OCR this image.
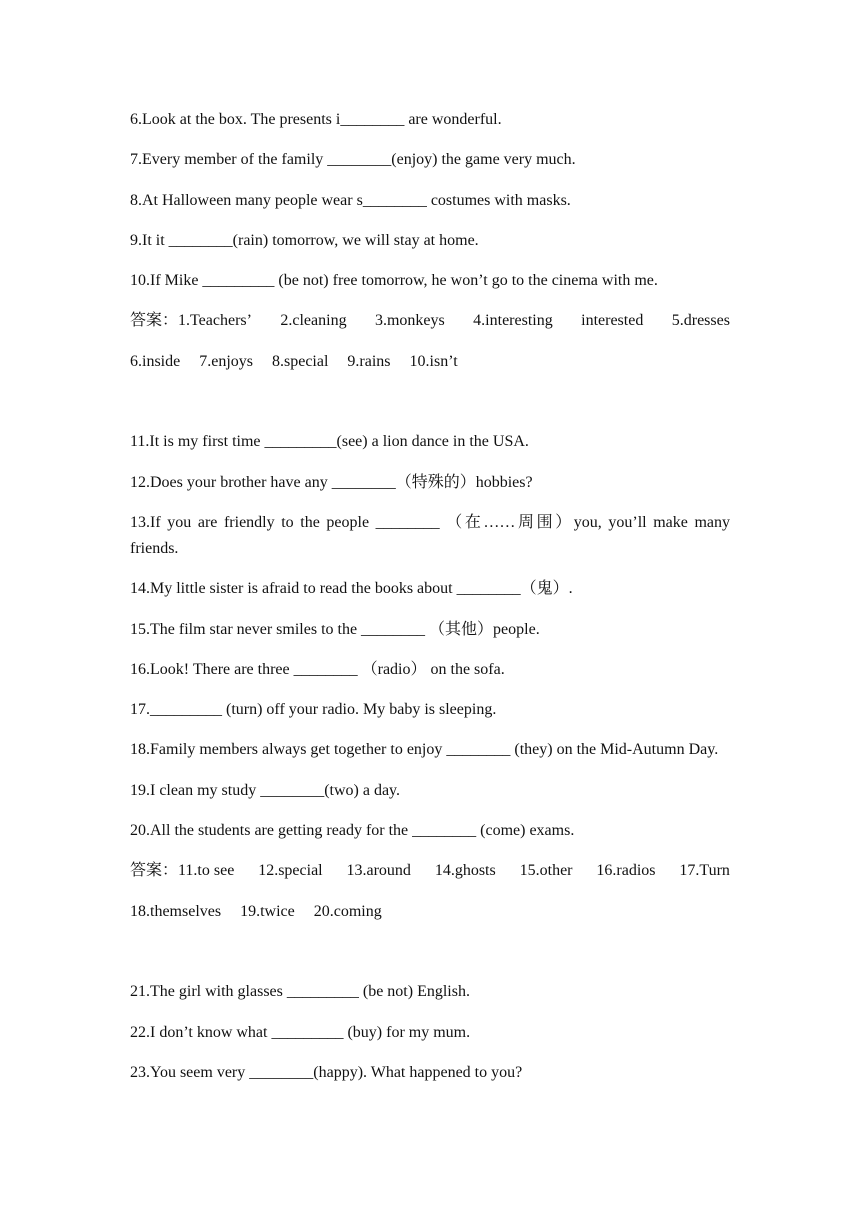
6.Look at the box. The presents i________ are wonderful.

7.Every member of the family ________(enjoy) the game very much.

8.At Halloween many people wear s________ costumes with masks.

9.It it ________(rain) tomorrow, we will stay at home.

10.If Mike _________ (be not) free tomorrow, he won’t go to the cinema with me.

答案：1.Teachers’ 2.cleaning 3.monkeys 4.interesting interested 5.dresses

6.inside 7.enjoys 8.special 9.rains 10.isn’t

11.It is my first time _________(see) a lion dance in the USA.

12.Does your brother have any ________（特殊的）hobbies?

13.If you are friendly to the people ________ （在……周围）you, you’ll make many friends.

14.My little sister is afraid to read the books about ________（鬼）.

15.The film star never smiles to the ________ （其他）people.

16.Look! There are three ________ （radio） on the sofa.

17._________ (turn) off your radio. My baby is sleeping.

18.Family members always get together to enjoy ________ (they) on the Mid-Autumn Day.

19.I clean my study ________(two) a day.

20.All the students are getting ready for the ________ (come) exams.

答案：11.to see 12.special 13.around 14.ghosts 15.other 16.radios 17.Turn

18.themselves 19.twice 20.coming

21.The girl with glasses _________ (be not) English.

22.I don’t know what _________ (buy) for my mum.

23.You seem very ________(happy). What happened to you?
